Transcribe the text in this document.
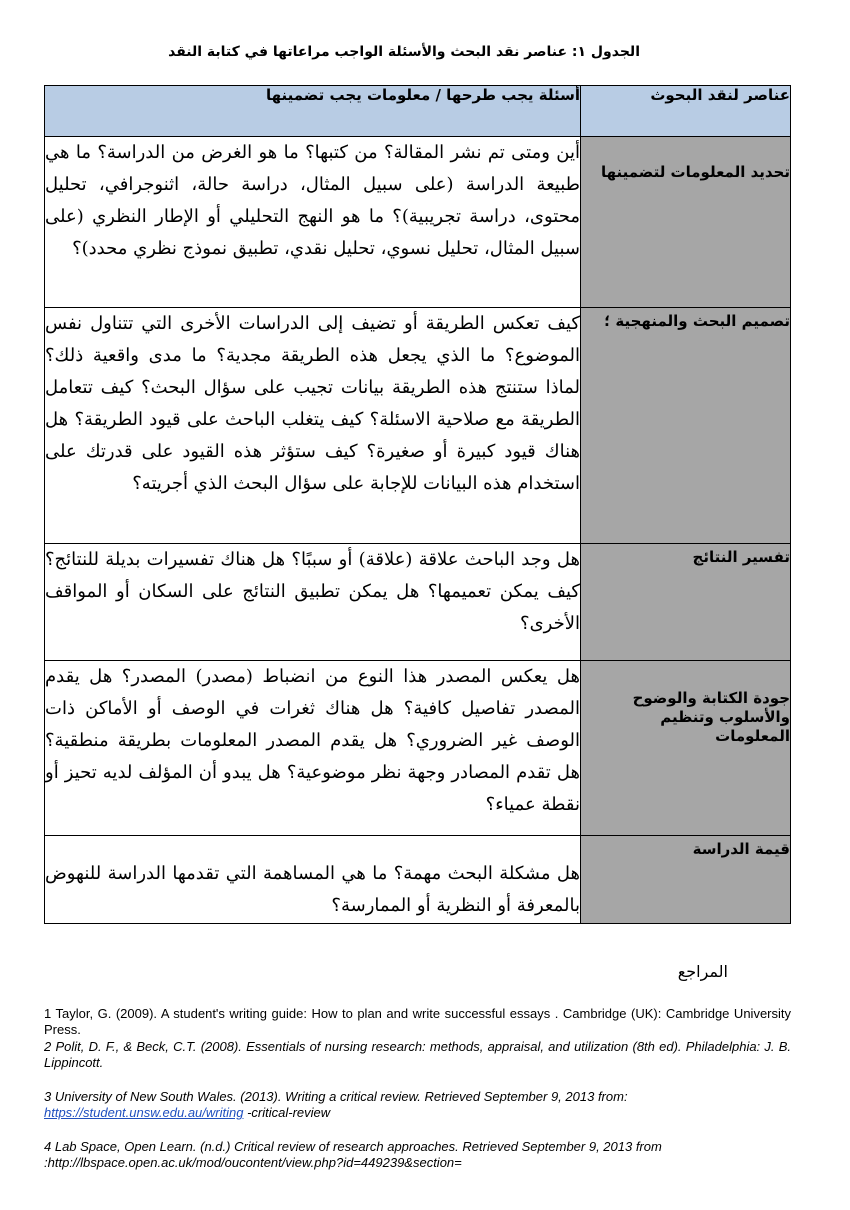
الجدول ١: عناصر نقد البحث والأسئلة الواجب مراعاتها في كتابة النقد
عناصر لنقد البحوث	أسئلة يجب طرحها / معلومات يجب تضمينها
تحديد المعلومات لتضمينها	أين ومتى تم نشر المقالة؟ من كتبها؟ ما هو الغرض من الدراسة؟ ما هي طبيعة الدراسة (على سبيل المثال، دراسة حالة، اثنوجرافي، تحليل محتوى، دراسة تجريبية)؟ ما هو النهج التحليلي أو الإطار النظري (على سبيل المثال، تحليل نسوي، تحليل نقدي، تطبيق نموذج نظري محدد)؟
تصميم البحث والمنهجية ؛	كيف تعكس الطريقة أو تضيف إلى الدراسات الأخرى التي تتناول نفس الموضوع؟ ما الذي يجعل هذه الطريقة مجدية؟ ما مدى واقعية ذلك؟ لماذا ستنتج هذه الطريقة بيانات تجيب على سؤال البحث؟ كيف تتعامل الطريقة مع صلاحية الاسئلة؟ كيف يتغلب الباحث على قيود الطريقة؟ هل هناك قيود كبيرة أو صغيرة؟ كيف ستؤثر هذه القيود على قدرتك على استخدام هذه البيانات للإجابة على سؤال البحث الذي أجريته؟
تفسير النتائج	هل وجد الباحث علاقة (علاقة) أو سببًا؟ هل هناك تفسيرات بديلة للنتائج؟ كيف يمكن تعميمها؟ هل يمكن تطبيق النتائج على السكان أو المواقف الأخرى؟
جودة الكتابة والوضوح والأسلوب وتنظيم المعلومات	هل يعكس المصدر هذا النوع من انضباط (مصدر) المصدر؟ هل يقدم المصدر تفاصيل كافية؟ هل هناك ثغرات في الوصف أو الأماكن ذات الوصف غير الضروري؟ هل يقدم المصدر المعلومات بطريقة منطقية؟ هل تقدم المصادر وجهة نظر موضوعية؟ هل يبدو أن المؤلف لديه تحيز أو نقطة عمياء؟
قيمة الدراسة	هل مشكلة البحث مهمة؟ ما هي المساهمة التي تقدمها الدراسة للنهوض بالمعرفة أو النظرية أو الممارسة؟
المراجع
1 Taylor, G. (2009). A student's writing guide: How to plan and write successful essays . Cambridge (UK): Cambridge University Press.
2 Polit, D. F., & Beck, C.T. (2008). Essentials of nursing research: methods, appraisal, and utilization (8th ed). Philadelphia: J. B. Lippincott.
3 University of New South Wales. (2013). Writing a critical review. Retrieved September 9, 2013 from:
https://student.unsw.edu.au/writing -critical-review
4 Lab Space, Open Learn. (n.d.) Critical review of research approaches. Retrieved September 9, 2013 from
:http://lbspace.open.ac.uk/mod/oucontent/view.php?id=449239&section=
